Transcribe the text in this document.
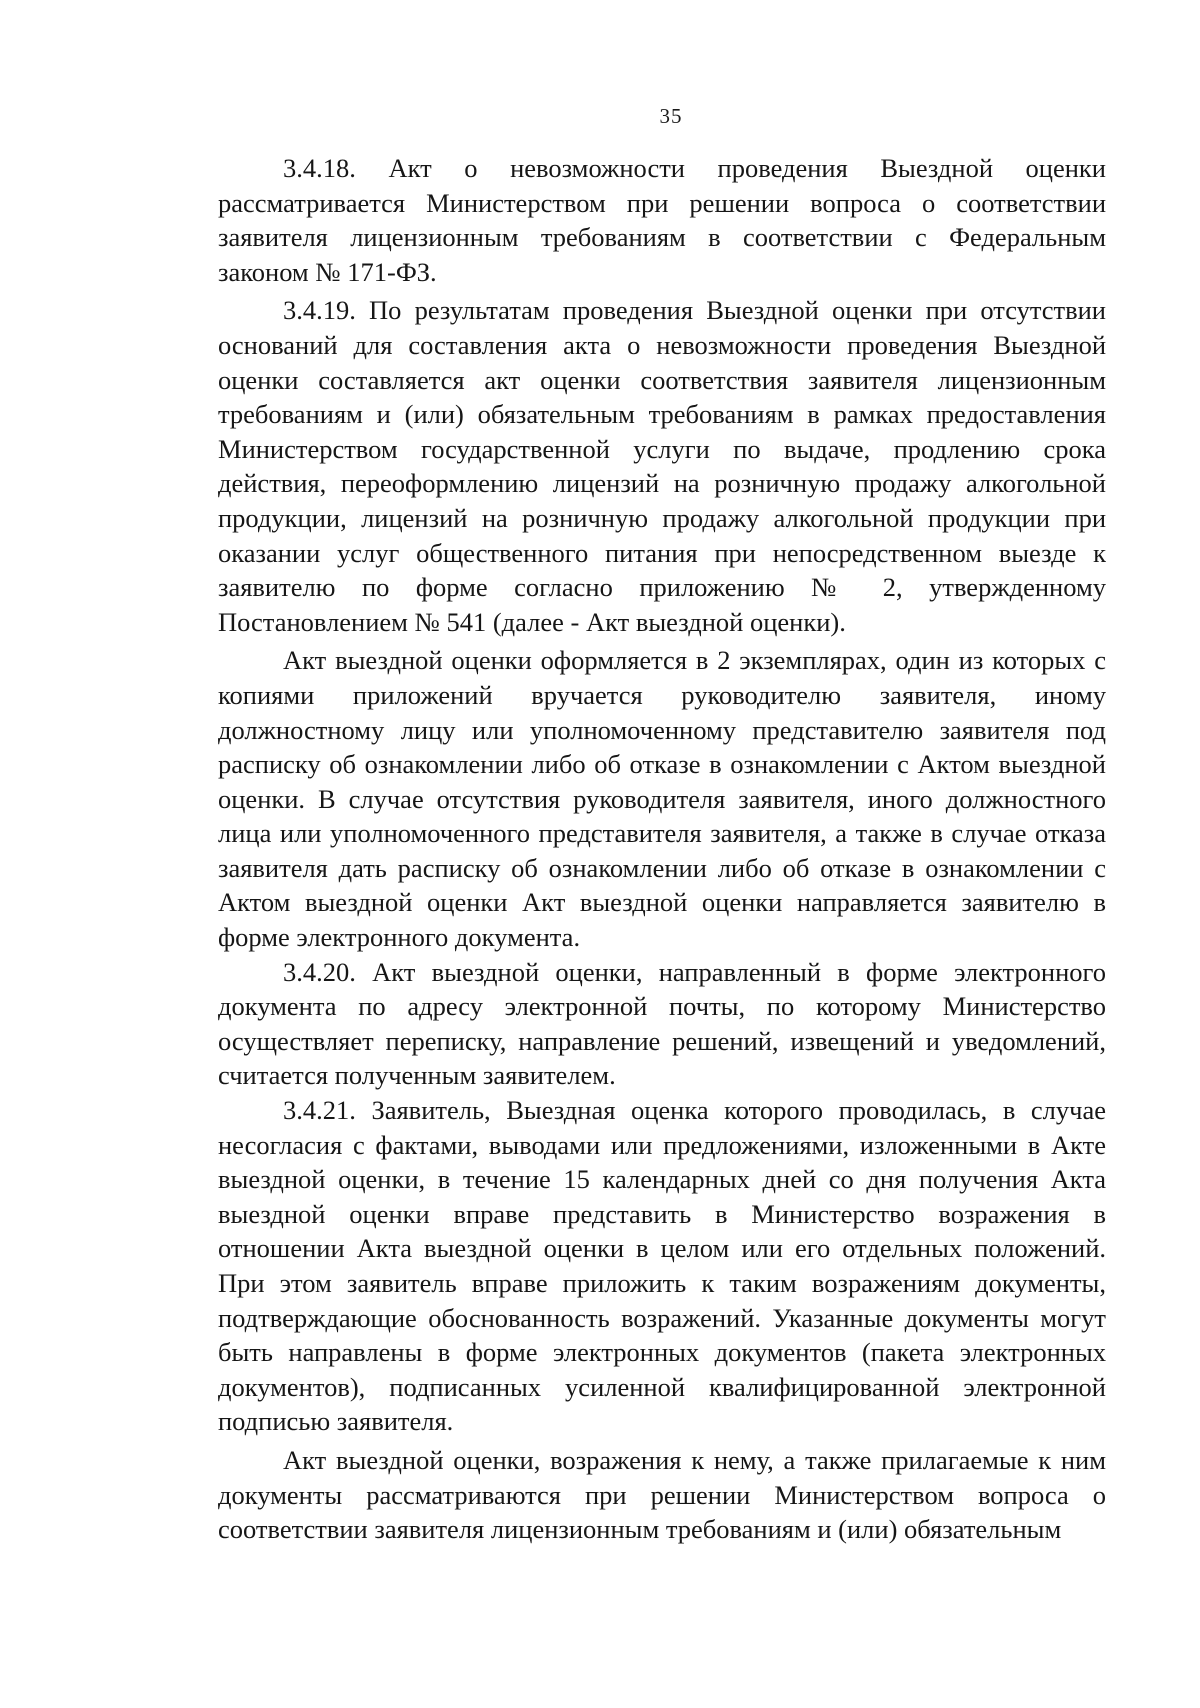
35

3.4.18. Акт о невозможности проведения Выездной оценки рассматривается Министерством при решении вопроса о соответствии заявителя лицензионным требованиям в соответствии с Федеральным законом № 171-ФЗ.

3.4.19. По результатам проведения Выездной оценки при отсутствии оснований для составления акта о невозможности проведения Выездной оценки составляется акт оценки соответствия заявителя лицензионным требованиям и (или) обязательным требованиям в рамках предоставления Министерством государственной услуги по выдаче, продлению срока действия, переоформлению лицензий на розничную продажу алкогольной продукции, лицензий на розничную продажу алкогольной продукции при оказании услуг общественного питания при непосредственном выезде к заявителю по форме согласно приложению № 2, утвержденному Постановлением № 541 (далее - Акт выездной оценки).

Акт выездной оценки оформляется в 2 экземплярах, один из которых с копиями приложений вручается руководителю заявителя, иному должностному лицу или уполномоченному представителю заявителя под расписку об ознакомлении либо об отказе в ознакомлении с Актом выездной оценки. В случае отсутствия руководителя заявителя, иного должностного лица или уполномоченного представителя заявителя, а также в случае отказа заявителя дать расписку об ознакомлении либо об отказе в ознакомлении с Актом выездной оценки Акт выездной оценки направляется заявителю в форме электронного документа.

3.4.20. Акт выездной оценки, направленный в форме электронного документа по адресу электронной почты, по которому Министерство осуществляет переписку, направление решений, извещений и уведомлений, считается полученным заявителем.

3.4.21. Заявитель, Выездная оценка которого проводилась, в случае несогласия с фактами, выводами или предложениями, изложенными в Акте выездной оценки, в течение 15 календарных дней со дня получения Акта выездной оценки вправе представить в Министерство возражения в отношении Акта выездной оценки в целом или его отдельных положений. При этом заявитель вправе приложить к таким возражениям документы, подтверждающие обоснованность возражений. Указанные документы могут быть направлены в форме электронных документов (пакета электронных документов), подписанных усиленной квалифицированной электронной подписью заявителя.

Акт выездной оценки, возражения к нему, а также прилагаемые к ним документы рассматриваются при решении Министерством вопроса о соответствии заявителя лицензионным требованиям и (или) обязательным
